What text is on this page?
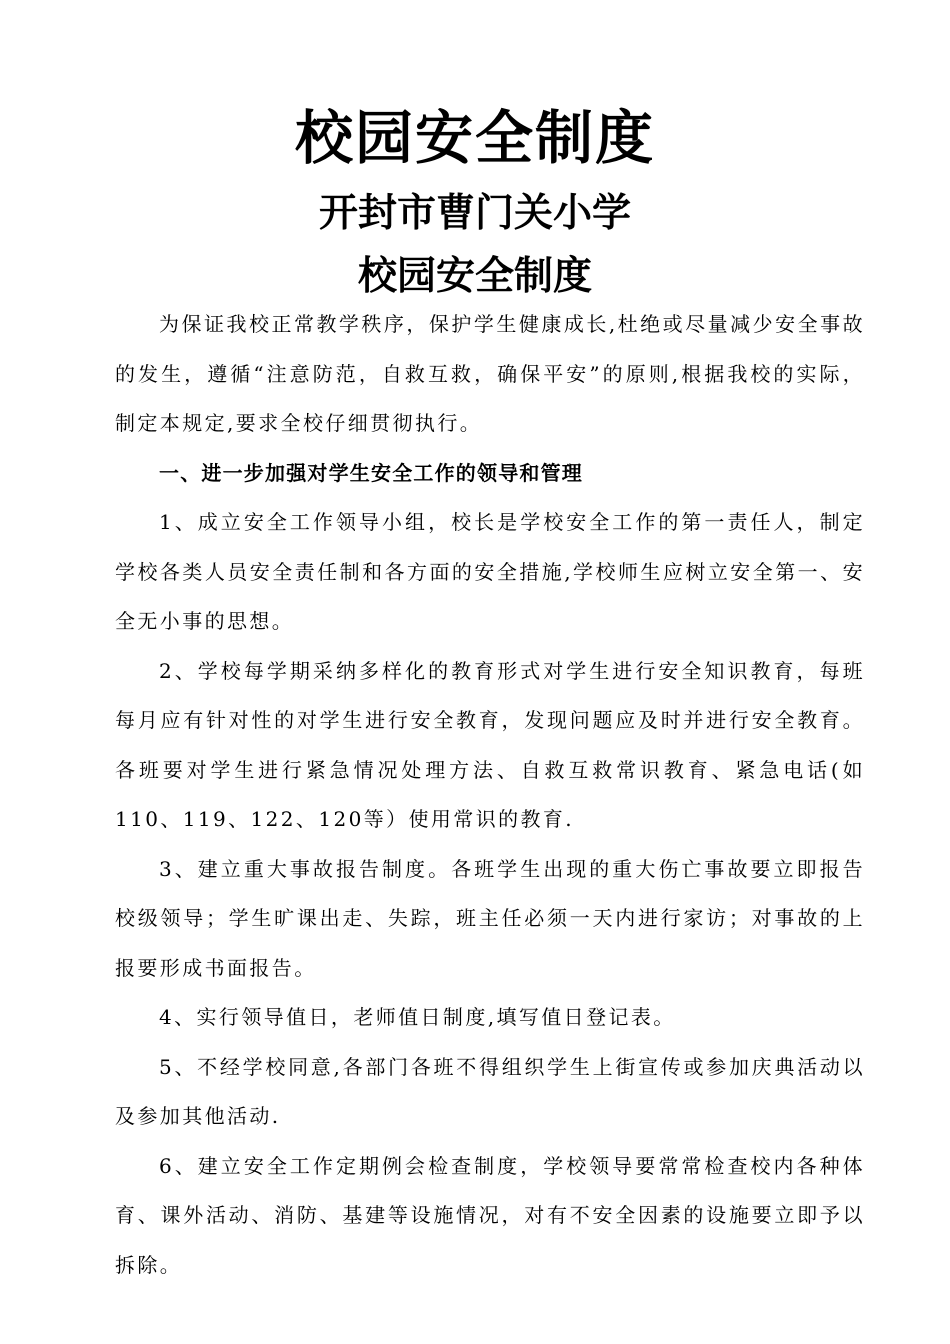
校园安全制度
开封市曹门关小学
校园安全制度

为保证我校正常教学秩序，保护学生健康成长,杜绝或尽量减少安全事故的发生，遵循“注意防范，自救互救，确保平安”的原则,根据我校的实际，制定本规定,要求全校仔细贯彻执行。

一、进一步加强对学生安全工作的领导和管理

1、成立安全工作领导小组，校长是学校安全工作的第一责任人，制定学校各类人员安全责任制和各方面的安全措施,学校师生应树立安全第一、安全无小事的思想。

2、学校每学期采纳多样化的教育形式对学生进行安全知识教育，每班每月应有针对性的对学生进行安全教育，发现问题应及时并进行安全教育。各班要对学生进行紧急情况处理方法、自救互救常识教育、紧急电话(如110、119、122、120等）使用常识的教育.

3、建立重大事故报告制度。各班学生出现的重大伤亡事故要立即报告校级领导；学生旷课出走、失踪，班主任必须一天内进行家访；对事故的上报要形成书面报告。

4、实行领导值日，老师值日制度,填写值日登记表。

5、不经学校同意,各部门各班不得组织学生上街宣传或参加庆典活动以及参加其他活动.

6、建立安全工作定期例会检查制度，学校领导要常常检查校内各种体育、课外活动、消防、基建等设施情况，对有不安全因素的设施要立即予以拆除。
